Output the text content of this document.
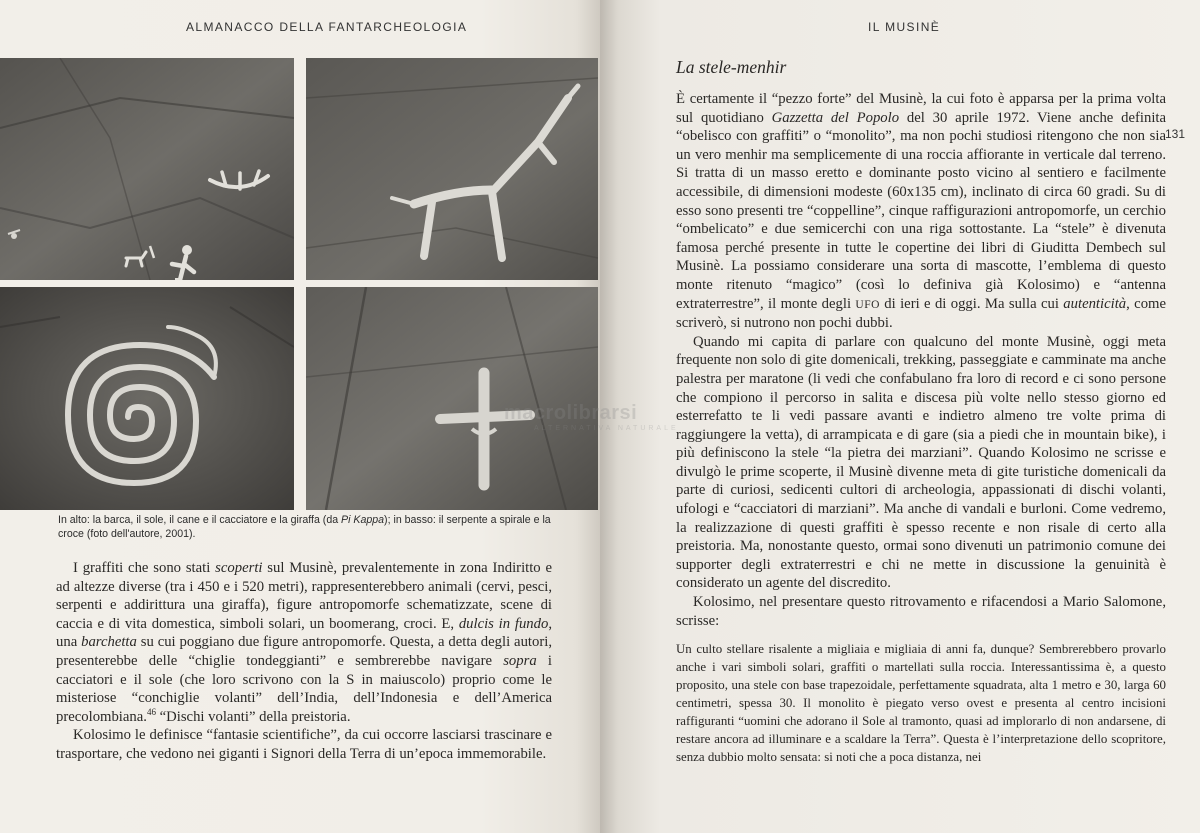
ALMANACCO DELLA FANTARCHEOLOGIA

In alto: la barca, il sole, il cane e il cacciatore e la giraffa (da Pi Kappa); in basso: il serpente a spirale e la croce (foto dell'autore, 2001).

I graffiti che sono stati scoperti sul Musinè, prevalentemente in zona Indiritto e ad altezze diverse (tra i 450 e i 520 metri), rappresenterebbero animali (cervi, pesci, serpenti e addirittura una giraffa), figure antropomorfe schematizzate, scene di caccia e di vita domestica, simboli solari, un boomerang, croci. E, dulcis in fundo, una barchetta su cui poggiano due figure antropomorfe. Questa, a detta degli autori, presenterebbe delle “chiglie tondeggianti” e sembrerebbe navigare sopra i cacciatori e il sole (che loro scrivono con la S in maiuscolo) proprio come le misteriose “conchiglie volanti” dell’India, dell’Indonesia e dell’America precolombiana.$^{46}$ “Dischi volanti” della preistoria.

Kolosimo le definisce “fantasie scientifiche”, da cui occorre lasciarsi trascinare e trasportare, che vedono nei giganti i Signori della Terra di un’epoca immemorabile.

IL MUSINÈ
131
La stele-menhir

È certamente il “pezzo forte” del Musinè, la cui foto è apparsa per la prima volta sul quotidiano Gazzetta del Popolo del 30 aprile 1972. Viene anche definita “obelisco con graffiti” o “monolito”, ma non pochi studiosi ritengono che non sia un vero menhir ma semplicemente di una roccia affiorante in verticale dal terreno. Si tratta di un masso eretto e dominante posto vicino al sentiero e facilmente accessibile, di dimensioni modeste (60x135 cm), inclinato di circa 60 gradi. Su di esso sono presenti tre “coppelline”, cinque raffigurazioni antropomorfe, un cerchio “ombelicato” e due semicerchi con una riga sottostante. La “stele” è divenuta famosa perché presente in tutte le copertine dei libri di Giuditta Dembech sul Musinè. La possiamo considerare una sorta di mascotte, l’emblema di questo monte ritenuto “magico” (così lo definiva già Kolosimo) e “antenna extraterrestre”, il monte degli UFO di ieri e di oggi. Ma sulla cui autenticità, come scriverò, si nutrono non pochi dubbi.

Quando mi capita di parlare con qualcuno del monte Musinè, oggi meta frequente non solo di gite domenicali, trekking, passeggiate e camminate ma anche palestra per maratone (li vedi che confabulano fra loro di record e ci sono persone che compiono il percorso in salita e discesa più volte nello stesso giorno ed esterrefatto te li vedi passare avanti e indietro almeno tre volte prima di raggiungere la vetta), di arrampicata e di gare (sia a piedi che in mountain bike), i più definiscono la stele “la pietra dei marziani”. Quando Kolosimo ne scrisse e divulgò le prime scoperte, il Musinè divenne meta di gite turistiche domenicali da parte di curiosi, sedicenti cultori di archeologia, appassionati di dischi volanti, ufologi e “cacciatori di marziani”. Ma anche di vandali e burloni. Come vedremo, la realizzazione di questi graffiti è spesso recente e non risale di certo alla preistoria. Ma, nonostante questo, ormai sono divenuti un patrimonio comune dei supporter degli extraterrestri e chi ne mette in discussione la genuinità è considerato un agente del discredito.

Kolosimo, nel presentare questo ritrovamento e rifacendosi a Mario Salomone, scrisse:

Un culto stellare risalente a migliaia e migliaia di anni fa, dunque? Sembrerebbero provarlo anche i vari simboli solari, graffiti o martellati sulla roccia. Interessantissima è, a questo proposito, una stele con base trapezoidale, perfettamente squadrata, alta 1 metro e 30, larga 60 centimetri, spessa 30. Il monolito è piegato verso ovest e presenta al centro incisioni raffiguranti “uomini che adorano il Sole al tramonto, quasi ad implorarlo di non andarsene, di restare ancora ad illuminare e a scaldare la Terra”. Questa è l’interpretazione dello scopritore, senza dubbio molto sensata: si noti che a poca distanza, nei

macrolibrarsi
ALTERNATIVA NATURALE
